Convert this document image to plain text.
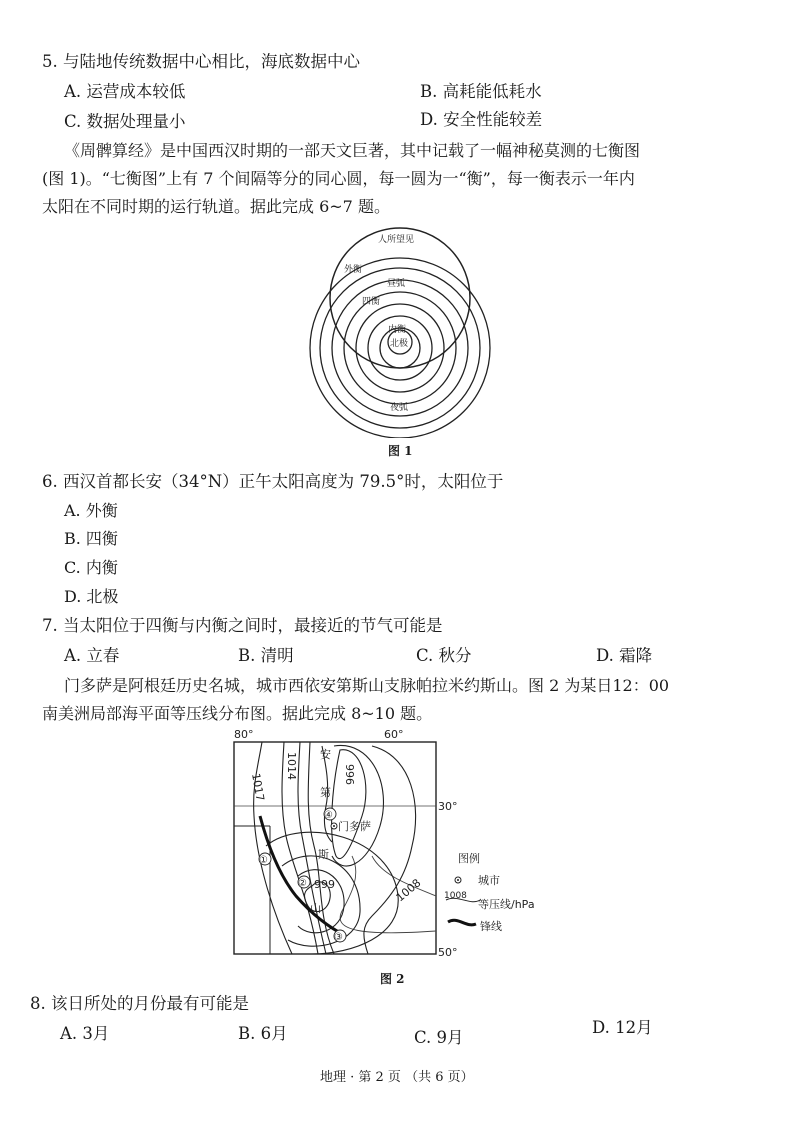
5. 与陆地传统数据中心相比，海底数据中心
A. 运营成本较低	B. 高耗能低耗水
C. 数据处理量小	D. 安全性能较差
《周髀算经》是中国西汉时期的一部天文巨著，其中记载了一幅神秘莫测的七衡图
(图 1)。“七衡图”上有 7 个间隔等分的同心圆，每一圆为一“衡”，每一衡表示一年内
太阳在不同时期的运行轨道。据此完成 6~7 题。
人所望见
外衡
昼弧
四衡
内衡
北极
夜弧
图 1
6. 西汉首都长安（34°N）正午太阳高度为 79.5°时，太阳位于
A. 外衡
B. 四衡
C. 内衡
D. 北极
7. 当太阳位于四衡与内衡之间时，最接近的节气可能是
A. 立春	B. 清明	C. 秋分	D. 霜降
门多萨是阿根廷历史名城，城市西依安第斯山支脉帕拉米约斯山。图 2 为某日12：00
南美洲局部海平面等压线分布图。据此完成 8~10 题。
80°	60°
30°
50°
1014
1017	996
999	1008
安
第
斯
山
门多萨
①
②
③
④
图例
城市
1008
等压线/hPa
锋线
图 2
8. 该日所处的月份最有可能是
A. 3月	B. 6月	C. 9月
D. 12月
地理 · 第 2 页 （共 6 页）
